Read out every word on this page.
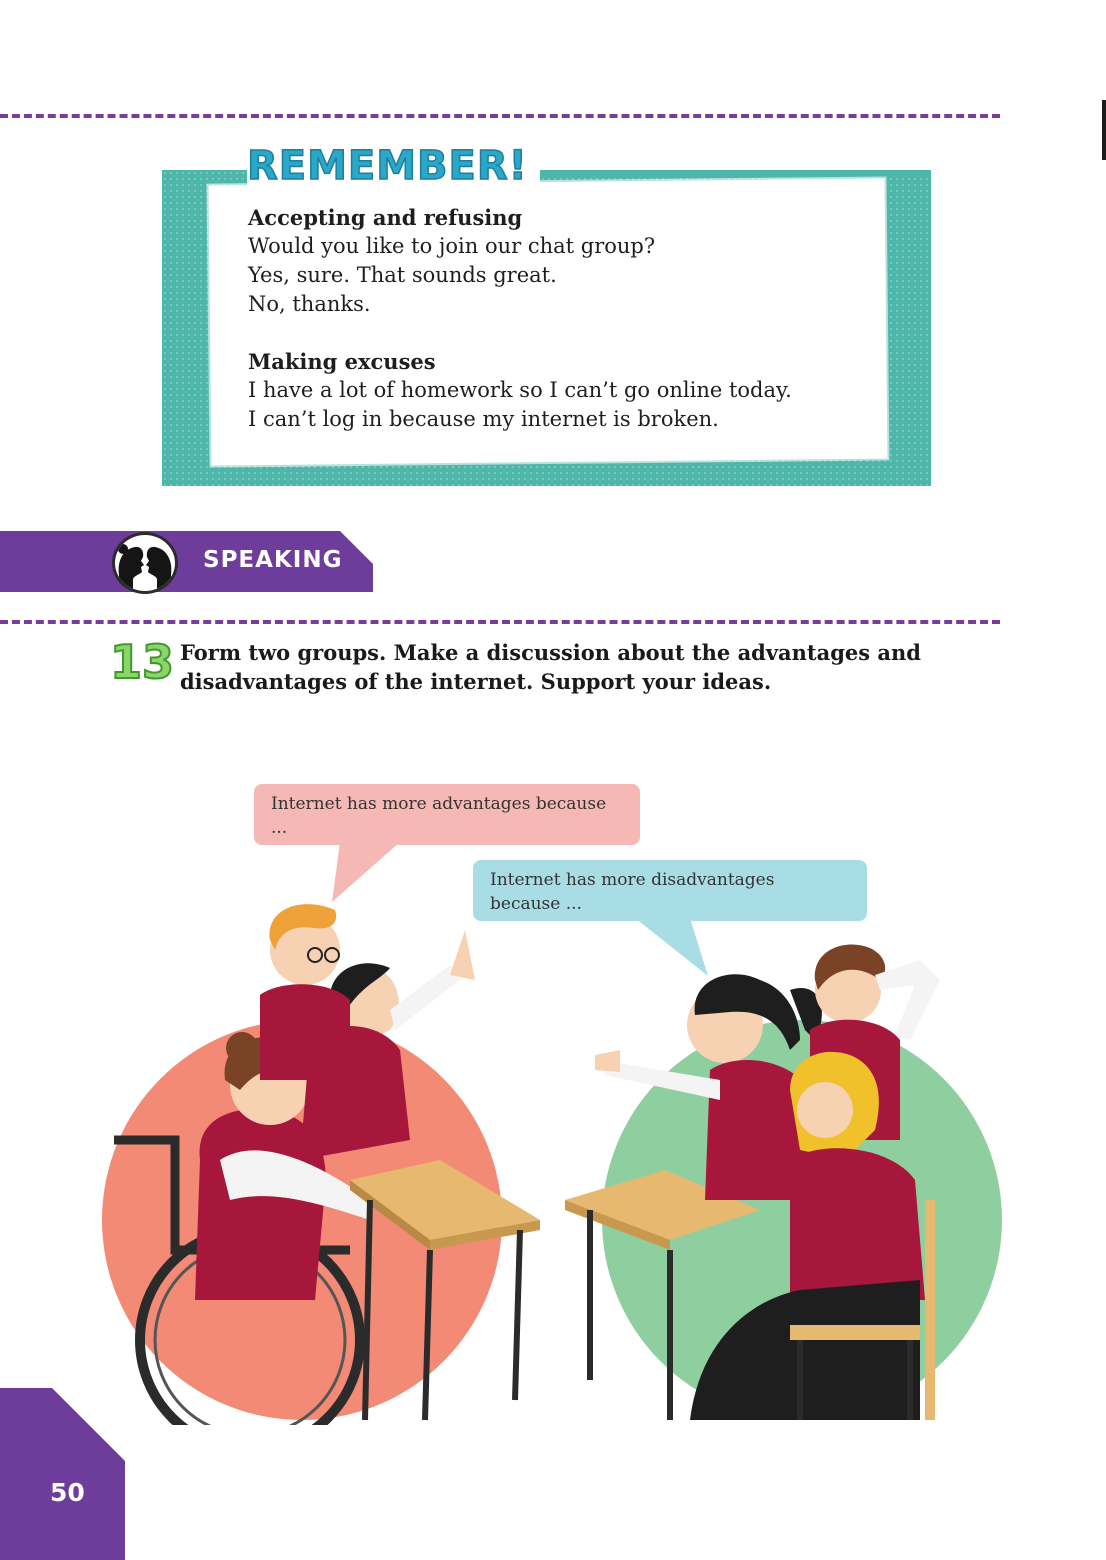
REMEMBER!
Accepting and refusing
Would you like to join our chat group?
Yes, sure. That sounds great.
No, thanks.
Making excuses
I have a lot of homework so I can’t go online today.
I can’t log in because my internet is broken.
SPEAKING
13 Form two groups. Make a discussion about the advantages and disadvantages of the internet. Support your ideas.
Internet has more advantages because ...
Internet has more disadvantages because ...
50
